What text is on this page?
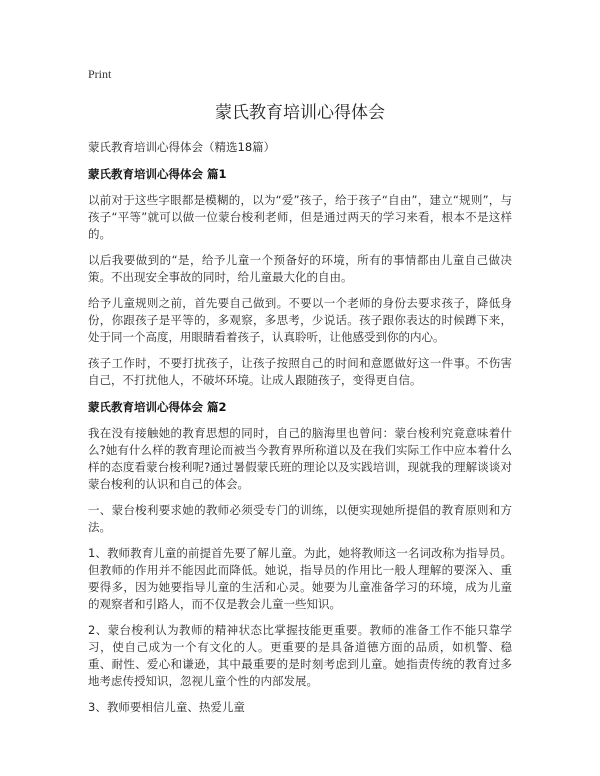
Print

蒙氏教育培训心得体会

蒙氏教育培训心得体会（精选18篇）

蒙氏教育培训心得体会 篇1

以前对于这些字眼都是模糊的，以为“爱”孩子，给于孩子“自由”，建立“规则”，与孩子“平等”就可以做一位蒙台梭利老师，但是通过两天的学习来看，根本不是这样的。

以后我要做到的“是，给予儿童一个预备好的环境，所有的事情都由儿童自己做决策。不出现安全事故的同时，给儿童最大化的自由。

给予儿童规则之前，首先要自己做到。不要以一个老师的身份去要求孩子，降低身份，你跟孩子是平等的，多观察，多思考，少说话。孩子跟你表达的时候蹲下来，处于同一个高度，用眼睛看着孩子，认真聆听，让他感受到你的内心。

孩子工作时，不要打扰孩子，让孩子按照自己的时间和意愿做好这一件事。不伤害自己，不打扰他人，不破坏环境。让成人跟随孩子，变得更自信。

蒙氏教育培训心得体会 篇2

我在没有接触她的教育思想的同时，自己的脑海里也曾问：蒙台梭利究竟意味着什么?她有什么样的教育理论而被当今教育界所称道以及在我们实际工作中应本着什么样的态度看蒙台梭利呢?通过暑假蒙氏班的理论以及实践培训，现就我的理解谈谈对蒙台梭利的认识和自己的体会。

一、蒙台梭利要求她的教师必须受专门的训练，以便实现她所提倡的教育原则和方法。

1、教师教育儿童的前提首先要了解儿童。为此，她将教师这一名词改称为指导员。但教师的作用并不能因此而降低。她说，指导员的作用比一般人理解的要深入、重要得多，因为她要指导儿童的生活和心灵。她要为儿童准备学习的环境，成为儿童的观察者和引路人，而不仅是教会儿童一些知识。

2、蒙台梭利认为教师的精神状态比掌握技能更重要。教师的准备工作不能只靠学习，使自己成为一个有文化的人。更重要的是具备道德方面的品质，如机警、稳重、耐性、爱心和谦逊，其中最重要的是时刻考虑到儿童。她指责传统的教育过多地考虑传授知识，忽视儿童个性的内部发展。

3、教师要相信儿童、热爱儿童
